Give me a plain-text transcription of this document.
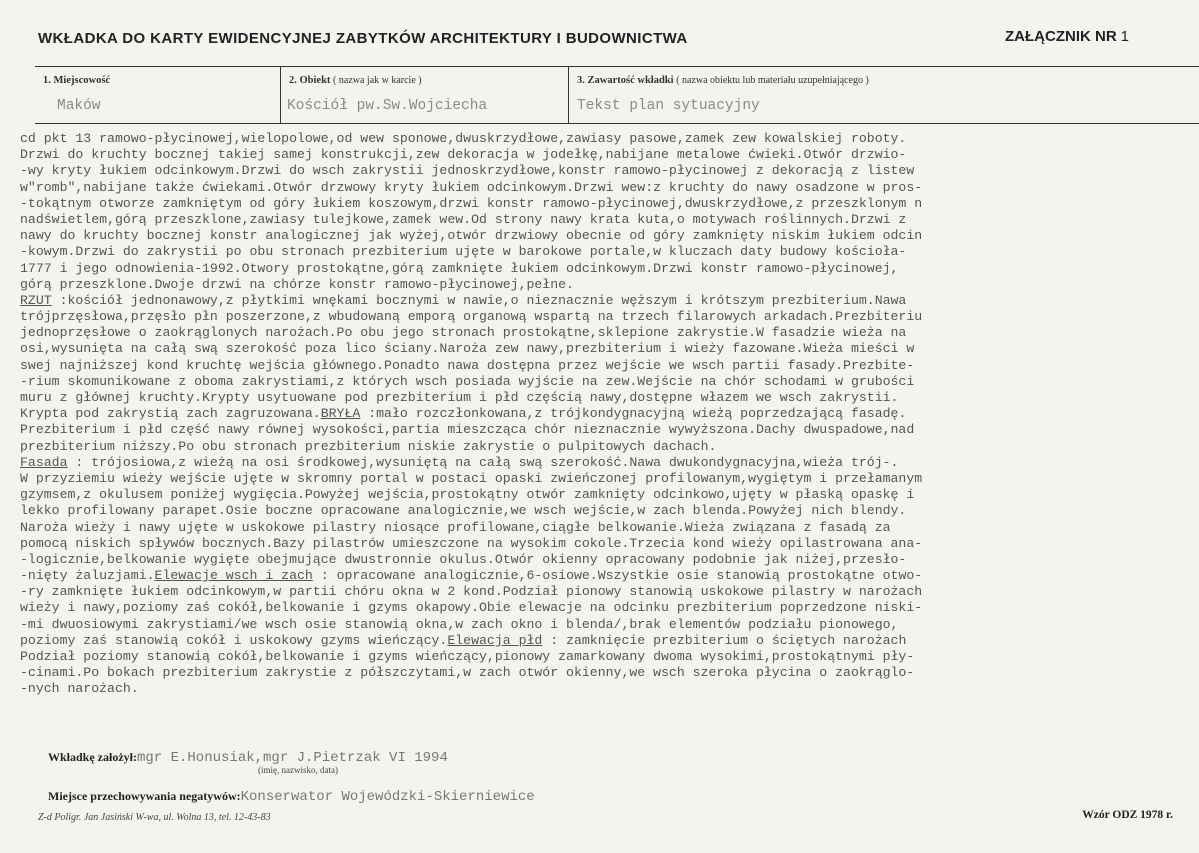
WKŁADKA DO KARTY EWIDENCYJNEJ ZABYTKÓW ARCHITEKTURY I BUDOWNICTWA	ZAŁĄCZNIK NR 1
1. Miejscowość
Maków
2. Obiekt ( nazwa jak w karcie )
Kościół pw.Sw.Wojciecha
3. Zawartość wkładki ( nazwa obiektu lub materiału uzupełniającego )
Tekst plan sytuacyjny
cd pkt 13 ramowo-płycinowej,wielopolowe,od wew sponowe,dwuskrzydłowe,zawiasy pasowe,zamek zew kowalskiej roboty.
Drzwi do kruchty bocznej takiej samej konstrukcji,zew dekoracja w jodełkę,nabijane metalowe ćwieki.Otwór drzwio-
-wy kryty łukiem odcinkowym.Drzwi do wsch zakrystii jednoskrzydłowe,konstr ramowo-płycinowej z dekoracją z listew
w"romb",nabijane także ćwiekami.Otwór drzwowy kryty łukiem odcinkowym.Drzwi wew:z kruchty do nawy osadzone w pros-
-tokątnym otworze zamkniętym od góry łukiem koszowym,drzwi konstr ramowo-płycinowej,dwuskrzydłowe,z przeszklonym n
nadświetlem,górą przeszklone,zawiasy tulejkowe,zamek wew.Od strony nawy krata kuta,o motywach roślinnych.Drzwi z
nawy do kruchty bocznej konstr analogicznej jak wyżej,otwór drzwiowy obecnie od góry zamknięty niskim łukiem odcin
-kowym.Drzwi do zakrystii po obu stronach prezbiterium ujęte w barokowe portale,w kluczach daty budowy kościoła-
1777 i jego odnowienia-1992.Otwory prostokątne,górą zamknięte łukiem odcinkowym.Drzwi konstr ramowo-płycinowej,
górą przeszklone.Dwoje drzwi na chórze konstr ramowo-płycinowej,pełne.
RZUT :kościół jednonawowy,z płytkimi wnękami bocznymi w nawie,o nieznacznie węższym i krótszym prezbiterium.Nawa
trójprzęsłowa,przęsło płn poszerzone,z wbudowaną emporą organową wspartą na trzech filarowych arkadach.Prezbiteriu
jednoprzęsłowe o zaokrąglonych narożach.Po obu jego stronach prostokątne,sklepione zakrystie.W fasadzie wieża na
osi,wysunięta na całą swą szerokość poza lico ściany.Naroża zew nawy,prezbiterium i wieży fazowane.Wieża mieści w
swej najniższej kond kruchtę wejścia głównego.Ponadto nawa dostępna przez wejście we wsch partii fasady.Prezbite-
-rium skomunikowane z oboma zakrystiami,z których wsch posiada wyjście na zew.Wejście na chór schodami w grubości
muru z głównej kruchty.Krypty usytuowane pod prezbiterium i płd częścią nawy,dostępne włazem we wsch zakrystii.
Krypta pod zakrystią zach zagruzowana.BRYŁA :mało rozczłonkowana,z trójkondygnacyjną wieżą poprzedzającą fasadę.
Prezbiterium i płd część nawy równej wysokości,partia mieszcząca chór nieznacznie wywyższona.Dachy dwuspadowe,nad
prezbiterium niższy.Po obu stronach prezbiterium niskie zakrystie o pulpitowych dachach.
Fasada : trójosiowa,z wieżą na osi środkowej,wysuniętą na całą swą szerokość.Nawa dwukondygnacyjna,wieża trój-.
W przyziemiu wieży wejście ujęte w skromny portal w postaci opaski zwieńczonej profilowanym,wygiętym i przełamanym
gzymsem,z okulusem poniżej wygięcia.Powyżej wejścia,prostokątny otwór zamknięty odcinkowo,ujęty w płaską opaskę i
lekko profilowany parapet.Osie boczne opracowane analogicznie,we wsch wejście,w zach blenda.Powyżej nich blendy.
Naroża wieży i nawy ujęte w uskokowe pilastry niosące profilowane,ciągłe belkowanie.Wieża związana z fasadą za
pomocą niskich spływów bocznych.Bazy pilastrów umieszczone na wysokim cokole.Trzecia kond wieży opilastrowana ana-
-logicznie,belkowanie wygięte obejmujące dwustronnie okulus.Otwór okienny opracowany podobnie jak niżej,przesło-
-nięty żaluzjami.Elewacje wsch i zach : opracowane analogicznie,6-osiowe.Wszystkie osie stanowią prostokątne otwo-
-ry zamknięte łukiem odcinkowym,w partii chóru okna w 2 kond.Podział pionowy stanowią uskokowe pilastry w narożach
wieży i nawy,poziomy zaś cokół,belkowanie i gzyms okapowy.Obie elewacje na odcinku prezbiterium poprzedzone niski-
-mi dwuosiowymi zakrystiami/we wsch osie stanowią okna,w zach okno i blenda/,brak elementów podziału pionowego,
poziomy zaś stanowią cokół i uskokowy gzyms wieńczący.Elewacja płd : zamknięcie prezbiterium o ściętych narożach
Podział poziomy stanowią cokół,belkowanie i gzyms wieńczący,pionowy zamarkowany dwoma wysokimi,prostokątnymi pły-
-cinami.Po bokach prezbiterium zakrystie z półszczytami,w zach otwór okienny,we wsch szeroka płycina o zaokrąglo-
-nych narożach.
Wkładkę założył:mgr E.Honusiak,mgr J.Pietrzak VI 1994
(imię, nazwisko, data)
Miejsce przechowywania negatywów:Konserwator Wojewódzki-Skierniewice
Z-d Poligr. Jan Jasiński W-wa, ul. Wolna 13, tel. 12-43-83	Wzór ODZ 1978 r.
